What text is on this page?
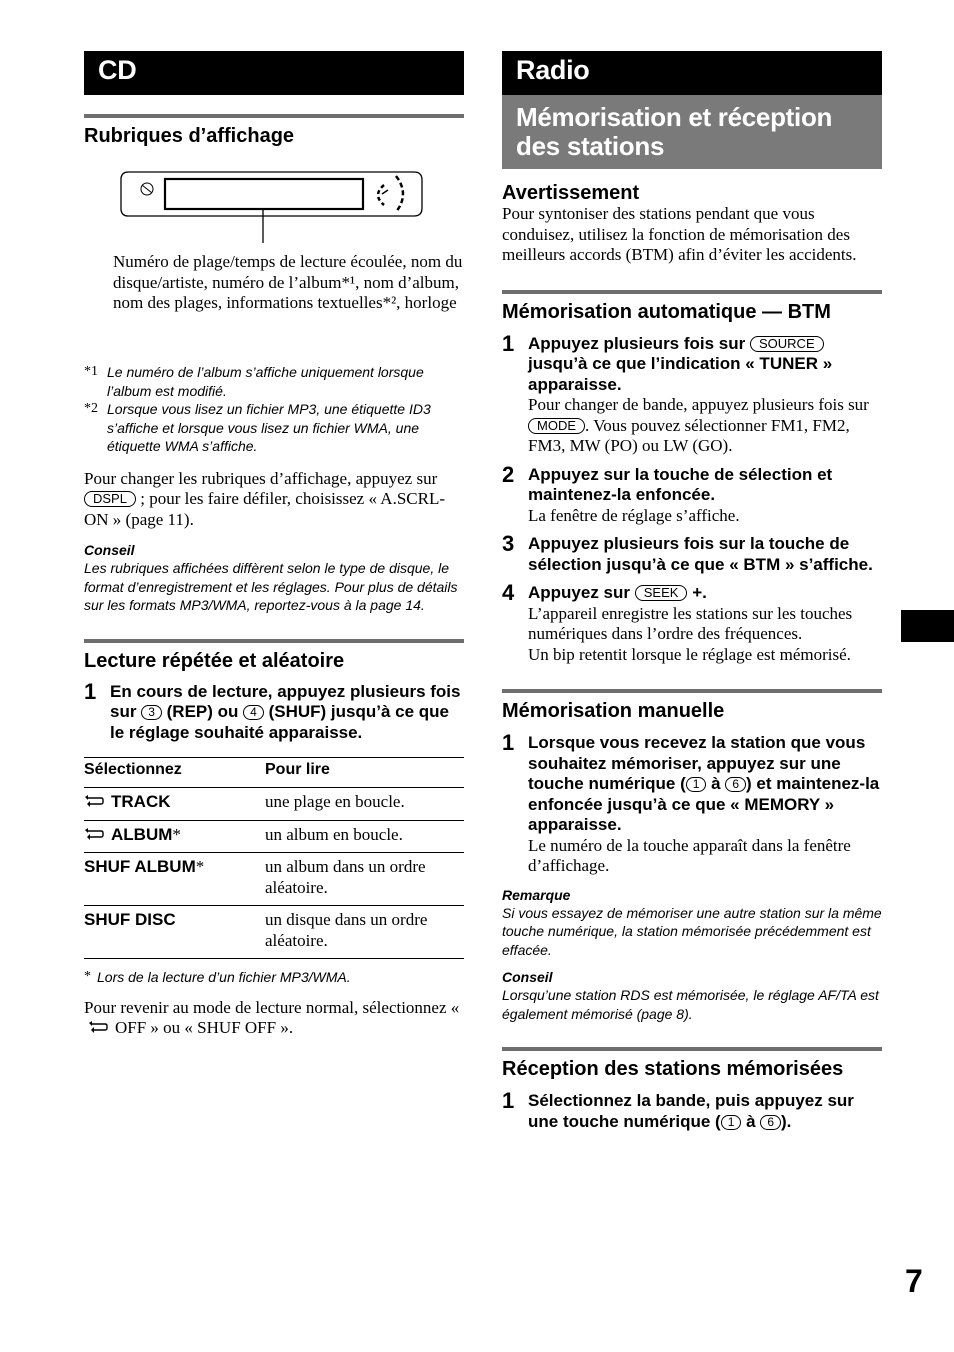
CD
Rubriques d’affichage
Numéro de plage/temps de lecture écoulée, nom du disque/artiste, numéro de l’album*¹, nom d’album, nom des plages, informations textuelles*², horloge
*1 Le numéro de l’album s’affiche uniquement lorsque l’album est modifié.
*2 Lorsque vous lisez un fichier MP3, une étiquette ID3 s’affiche et lorsque vous lisez un fichier WMA, une étiquette WMA s’affiche.
Pour changer les rubriques d’affichage, appuyez sur DSPL ; pour les faire défiler, choisissez « A.SCRL-ON » (page 11).
Conseil
Les rubriques affichées diffèrent selon le type de disque, le format d’enregistrement et les réglages. Pour plus de détails sur les formats MP3/WMA, reportez-vous à la page 14.
Lecture répétée et aléatoire
1 En cours de lecture, appuyez plusieurs fois sur 3 (REP) ou 4 (SHUF) jusqu’à ce que le réglage souhaité apparaisse.
Sélectionnez	Pour lire
TRACK	une plage en boucle.
ALBUM*	un album en boucle.
SHUF ALBUM*	un album dans un ordre aléatoire.
SHUF DISC	un disque dans un ordre aléatoire.
* Lors de la lecture d’un fichier MP3/WMA.
Pour revenir au mode de lecture normal, sélectionnez « OFF » ou « SHUF OFF ».
Radio
Mémorisation et réception des stations
Avertissement
Pour syntoniser des stations pendant que vous conduisez, utilisez la fonction de mémorisation des meilleurs accords (BTM) afin d’éviter les accidents.
Mémorisation automatique — BTM
1 Appuyez plusieurs fois sur SOURCE jusqu’à ce que l’indication « TUNER » apparaisse.
Pour changer de bande, appuyez plusieurs fois sur MODE . Vous pouvez sélectionner FM1, FM2, FM3, MW (PO) ou LW (GO).
2 Appuyez sur la touche de sélection et maintenez-la enfoncée.
La fenêtre de réglage s’affiche.
3 Appuyez plusieurs fois sur la touche de sélection jusqu’à ce que « BTM » s’affiche.
4 Appuyez sur SEEK +.
L’appareil enregistre les stations sur les touches numériques dans l’ordre des fréquences.
Un bip retentit lorsque le réglage est mémorisé.
Mémorisation manuelle
1 Lorsque vous recevez la station que vous souhaitez mémoriser, appuyez sur une touche numérique ( 1 à 6 ) et maintenez-la enfoncée jusqu’à ce que « MEMORY » apparaisse.
Le numéro de la touche apparaît dans la fenêtre d’affichage.
Remarque
Si vous essayez de mémoriser une autre station sur la même touche numérique, la station mémorisée précédemment est effacée.
Conseil
Lorsqu’une station RDS est mémorisée, le réglage AF/TA est également mémorisé (page 8).
Réception des stations mémorisées
1 Sélectionnez la bande, puis appuyez sur une touche numérique ( 1 à 6 ).
7
